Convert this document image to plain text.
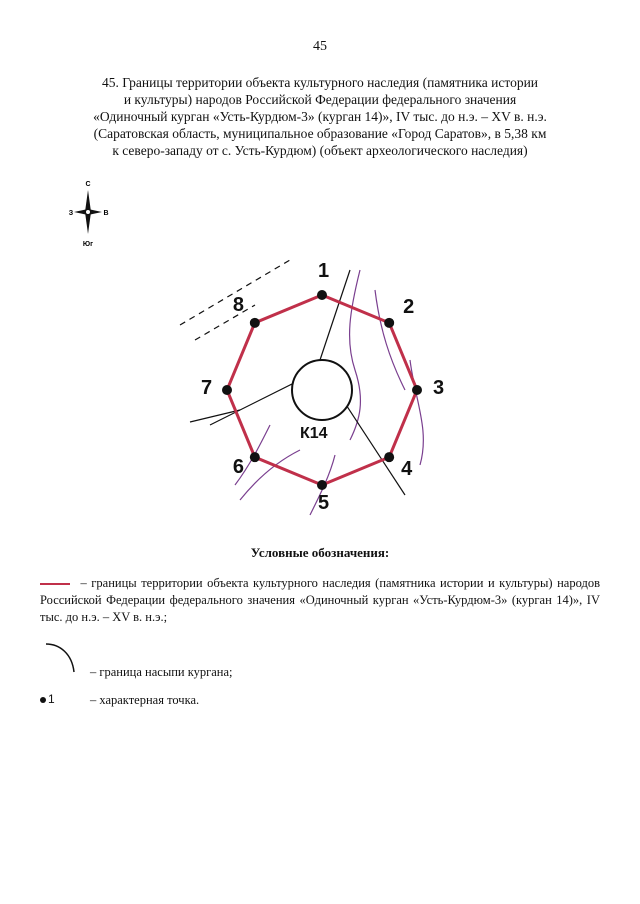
45
45. Границы территории объекта культурного наследия (памятника истории
и культуры) народов Российской Федерации федерального значения
«Одиночный курган «Усть-Курдюм-3» (курган 14)», IV тыс. до н.э. – XV в. н.э.
(Саратовская область, муниципальное образование «Город Саратов», в 5,38 км
к северо-западу от с. Усть-Курдюм) (объект археологического наследия)
С
З	В
Юг
К14
1
2
3
4
5
6
7
8
Условные обозначения:
– границы территории объекта культурного наследия (памятника истории и культуры) народов Российской Федерации федерального значения «Одиночный курган «Усть-Курдюм-3» (курган 14)», IV тыс. до н.э. – XV в. н.э.;
– граница насыпи кургана;
1	– характерная точка.
